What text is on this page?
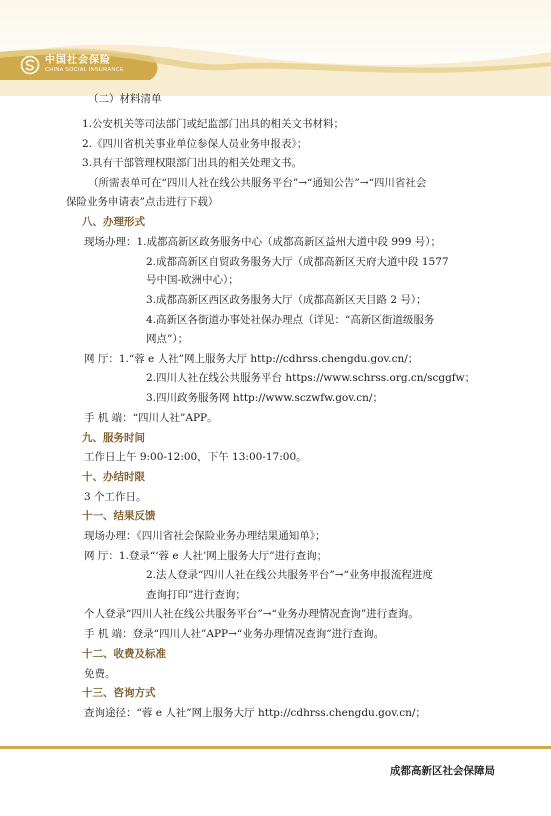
中国社会保险
CHINA SOCIAL INSURANCE
（二）材料清单
1.公安机关等司法部门或纪监部门出具的相关文书材料；
2.《四川省机关事业单位参保人员业务申报表》；
3.具有干部管理权限部门出具的相关处理文书。
（所需表单可在“四川人社在线公共服务平台”→“通知公告”→“四川省社会
保险业务申请表”点击进行下载）
八、办理形式
现场办理：1.成都高新区政务服务中心（成都高新区益州大道中段 999 号）；
2.成都高新区自贸政务服务大厅（成都高新区天府大道中段 1577
号中国-欧洲中心）；
3.成都高新区西区政务服务大厅（成都高新区天目路 2 号）；
4.高新区各街道办事处社保办理点（详见：“高新区街道级服务
网点”）；
网 厅：1.“蓉 e 人社”网上服务大厅 http://cdhrss.chengdu.gov.cn/；
2.四川人社在线公共服务平台 https://www.schrss.org.cn/scggfw；
3.四川政务服务网 http://www.sczwfw.gov.cn/；
手 机 端：“四川人社”APP。
九、服务时间
工作日上午 9:00-12:00，下午 13:00-17:00。
十、办结时限
3 个工作日。
十一、结果反馈
现场办理：《四川省社会保险业务办理结果通知单》；
网 厅：1.登录“‘蓉 e 人社’网上服务大厅”进行查询；
2.法人登录“四川人社在线公共服务平台”→“业务申报流程进度
查询打印”进行查询；
个人登录“四川人社在线公共服务平台”→“业务办理情况查询”进行查询。
手 机 端：登录“四川人社”APP→“业务办理情况查询”进行查询。
十二、收费及标准
免费。
十三、咨询方式
查询途径：“蓉 e 人社”网上服务大厅 http://cdhrss.chengdu.gov.cn/；
成都高新区社会保障局
